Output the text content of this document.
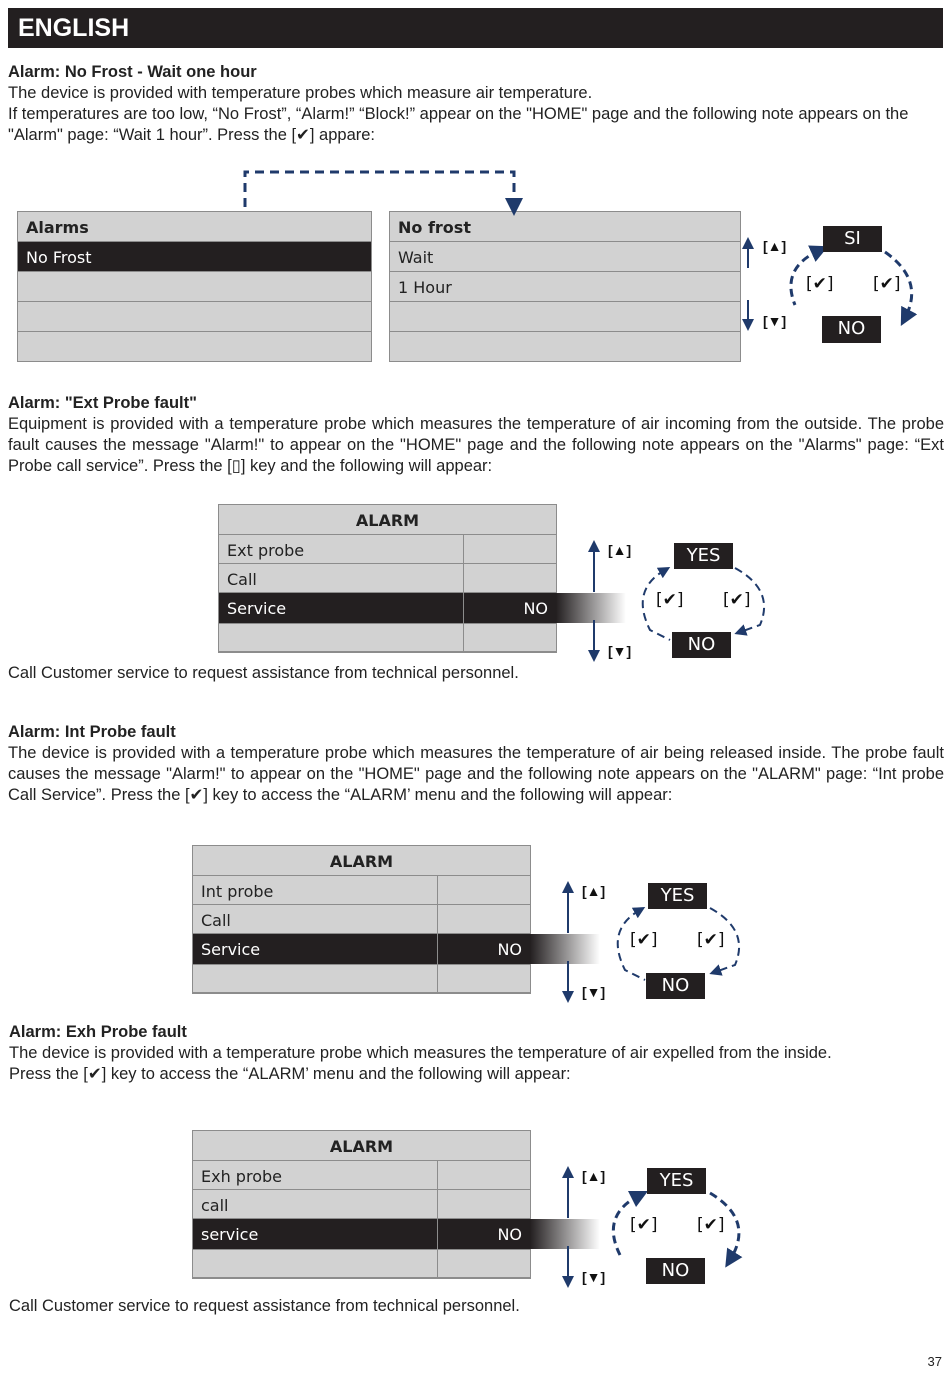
ENGLISH

Alarm: No Frost - Wait one hour

The device is provided with temperature probes which measure air temperature.

If temperatures are too low, “No Frost”, “Alarm!” “Block!” appear on the "HOME" page and the following note appears on the "Alarm" page: “Wait 1 hour”. Press the [✔] appare:

Alarms
No Frost
No frost
Wait
1 Hour

Alarm: "Ext Probe fault"

Equipment is provided with a temperature probe which measures the temperature of air incoming from the outside. The probe fault causes the message "Alarm!" to appear on the "HOME" page and the following note appears on the "Alarms" page: “Ext Probe call service”. Press the [▯] key and the following will appear:

ALARM
Ext probe
Call
Service	NO
Call Customer service to request assistance from technical personnel.

Alarm: Int Probe fault

The device is provided with a temperature probe which measures the temperature of air being released inside. The probe fault causes the message "Alarm!" to appear on the "HOME" page and the following note appears on the "ALARM" page: “Int probe Call Service”. Press the [✔] key to access the “ALARM’ menu and the following will appear:

ALARM
Int probe
Call
Service	NO

Alarm: Exh Probe fault

The device is provided with a temperature probe which measures the temperature of air expelled from the inside.

Press the [✔] key to access the “ALARM’ menu and the following will appear:

ALARM
Exh probe
call
service	NO
Call Customer service to request assistance from technical personnel.
[▲]
[▼]
SI
NO
[✔] [✔]
[▲]
[▼]
YES
NO
[✔] [✔]
[▲]
[▼]
YES
NO
[✔] [✔]
[▲]
[▼]
YES
NO
[✔] [✔]
37
